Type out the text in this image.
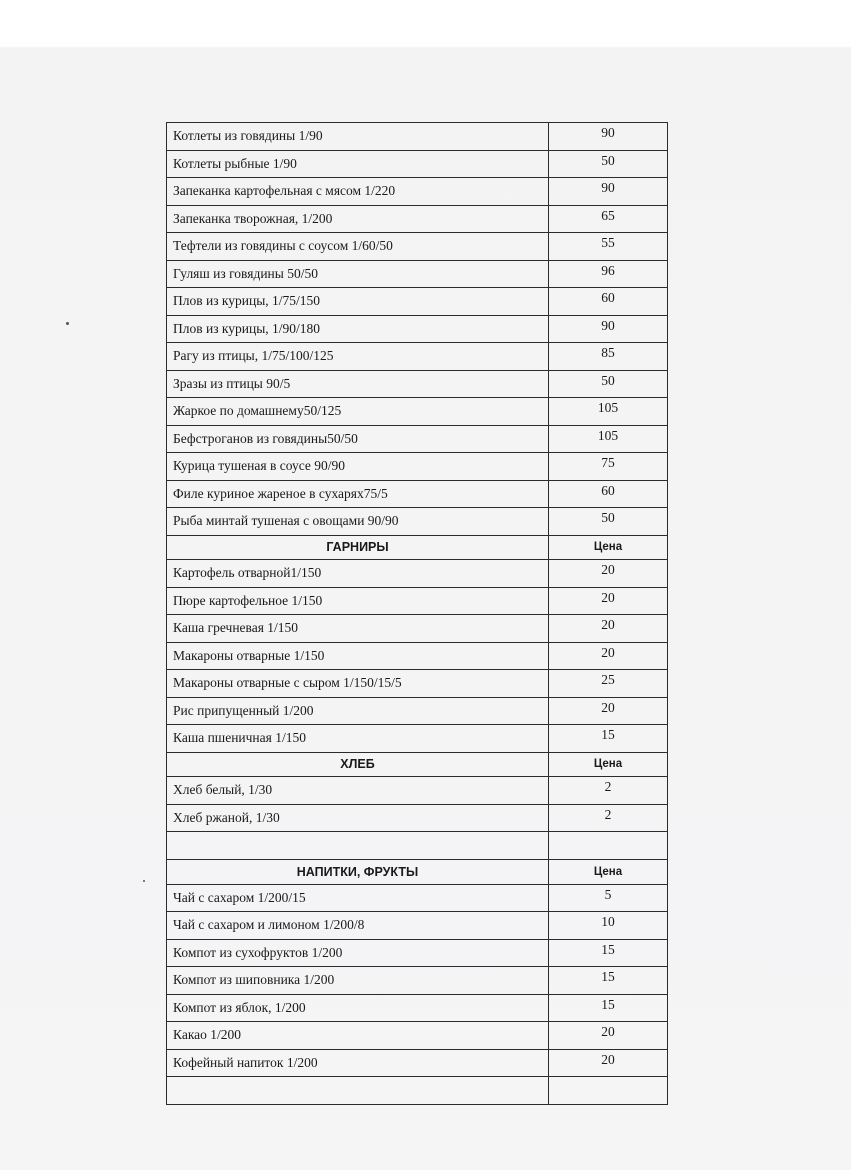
Котлеты из говядины 1/90	90
Котлеты рыбные 1/90	50
Запеканка картофельная с мясом 1/220	90
Запеканка творожная, 1/200	65
Тефтели из говядины с соусом 1/60/50	55
Гуляш из говядины 50/50	96
Плов из курицы, 1/75/150	60
Плов из курицы, 1/90/180	90
Рагу из птицы, 1/75/100/125	85
Зразы из птицы 90/5	50
Жаркое по домашнему50/125	105
Бефстроганов из говядины50/50	105
Курица тушеная в соусе 90/90	75
Филе куриное жареное в сухарях75/5	60
Рыба минтай тушеная с овощами 90/90	50
ГАРНИРЫ	Цена
Картофель отварной1/150	20
Пюре картофельное 1/150	20
Каша гречневая 1/150	20
Макароны отварные 1/150	20
Макароны отварные с сыром 1/150/15/5	25
Рис припущенный 1/200	20
Каша пшеничная 1/150	15
ХЛЕБ	Цена
Хлеб белый, 1/30	2
Хлеб ржаной, 1/30	2

НАПИТКИ, ФРУКТЫ	Цена
Чай с сахаром 1/200/15	5
Чай с сахаром и лимоном 1/200/8	10
Компот из сухофруктов 1/200	15
Компот из шиповника 1/200	15
Компот из яблок, 1/200	15
Какао 1/200	20
Кофейный напиток 1/200	20
